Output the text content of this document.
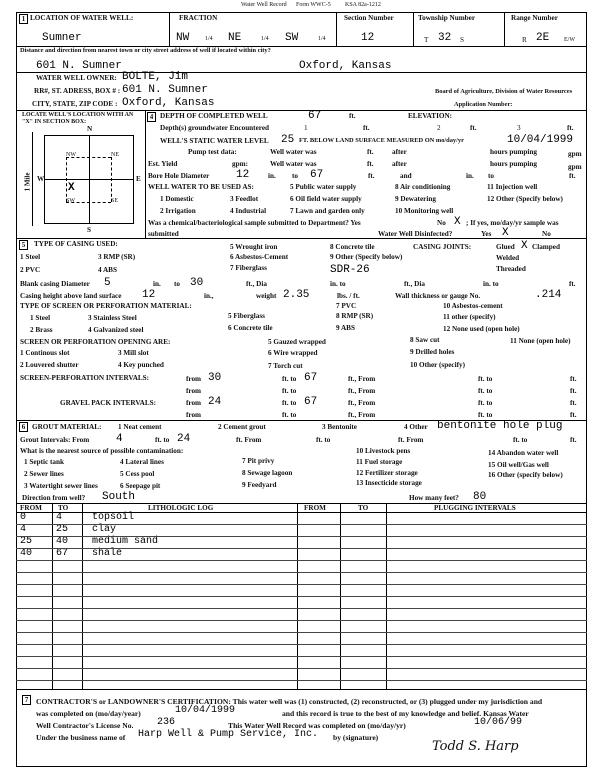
Water Well Record Form WWC-5 KSA 82a-1212
1 LOCATION OF WATER WELL:	FRACTION	Section Number	Township Number	Range Number
Sumner	NW	1/4 NE	1/4 SW	1/4	12	T 32 S	R 2E E/W
Distance and direction from nearest town or city street address of well if located within city?
601 N. Sumner	Oxford, Kansas
WATER WELL OWNER: BOLTE, Jim
RR#, ST. ADRESS, BOX # : 601 N. Sumner	Board of Agriculture, Division of Water Resources
CITY, STATE, ZIP CODE : Oxford, Kansas	Application Number:
LOCATE WELL'S LOCATION WITH AN "X" IN SECTION BOX:
N
S
E
W
NW	NE
SW	SE
X
1 Mile
4 DEPTH OF COMPLETED WELL	67	ft.	ELEVATION:
Depth(s) groundwater Encountered	1	ft.	2	ft.	3	ft.
WELL'S STATIC WATER LEVEL 25 FT. BELOW LAND SURFACE MEASURED ON mo/day/yr	10/04/1999
Pump test data:	Well water was	ft.	after	hours pumping	gpm
Est. Yield	gpm:	Well water was	ft.	after	hours pumping	gpm
Bore Hole Diameter 12	in. to 67	ft.	and	in. to	ft.
WELL WATER TO BE USED AS:
1 Domestic
2 Irrigation
3 Feedlot
4 Industrial
5 Public water supply
6 Oil field water supply
7 Lawn and garden only
8 Air conditioning
9 Dewatering
10 Monitoring well
11 Injection well
12 Other (Specify below)
Was a chemical/bacteriological sample submitted to Department? Yes	No X ; If yes, mo/day/yr sample was
submitted	Water Well Disinfected?	Yes X	No
5	TYPE OF CASING USED:
1 Steel
2 PVC
3 RMP (SR)
4 ABS
5 Wrought iron
6 Asbestos-Cement
7 Fiberglass
8 Concrete tile
9 Other (Specify below)
SDR-26
CASING JOINTS:	Glued X Clamped
Welded
Threaded
Blank casing Diameter 5	in. to 30	ft., Dia	in. to	ft., Dia	in. to	ft.
Casing height above land surface 12	in.,	weight 2.35	lbs. / ft.	Wall thickness or gauge No.	.214
TYPE OF SCREEN OR PERFORATION MATERIAL:
1 Steel
2 Brass
3 Stainless Steel
4 Galvanized steel
5 Fiberglass
6 Concrete tile
7 PVC
8 RMP (SR)
9 ABS
10 Asbestos-cement
11 other (specify)
12 None used (open hole)
SCREEN OR PERFORATION OPENING ARE:
1 Continous slot
2 Louvered shutter
3 Mill slot
4 Key punched
5 Gauzed wrapped
6 Wire wrapped
7 Torch cut
8 Saw cut
9 Drilled holes
10 Other (specify)
11 None (open hole)
SCREEN-PERFORATION INTERVALS:	from 30	ft. to 67	ft., From	ft. to	ft.
from	ft. to	ft., From	ft. to	ft.
GRAVEL PACK INTERVALS:	from 24	ft. to 67	ft., From	ft. to	ft.
from	ft. to	ft., From	ft. to	ft.
6 GROUT MATERIAL: 1 Neat cement	2 Cement grout	3 Bentonite	4 Other bentonite hole plug
Grout Intervals: From 4	ft. to 24	ft. From	ft. to	ft. From	ft. to	ft.
What is the nearest source of possible contamination:
1 Septic tank
2 Sewer lines
3 Watertight sewer lines
4 Lateral lines
5 Cess pool
6 Seepage pit
7 Pit privy
8 Sewage lagoon
9 Feedyard
10 Livestock pens
11 Fuel storage
12 Fertilizer storage
13 Insecticide storage
14 Abandon water well
15 Oil well/Gas well
16 Other (specify below)
Direction from well? South	How many feet? 80
FROM TO	LITHOLOGIC LOG	FROM	TO	PLUGGING INTERVALS
0	4	topsoil
4	25 clay
25 40 medium sand
40 67 shale
7	CONTRACTOR'S or LANDOWNER'S CERTIFICATION: This water well was (1) constructed, (2) reconstructed, or (3) plugged under my jurisdiction and
was completed on (mo/day/year)	10/04/1999	and this record is true to the best of my knowledge and belief. Kansas Water
Well Contractor's License No. 236	This Water Well Record was completed on (mo/day/yr)	10/06/99
Under the business name of Harp Well & Pump Service, Inc. by (signature)
Todd S. Harp
